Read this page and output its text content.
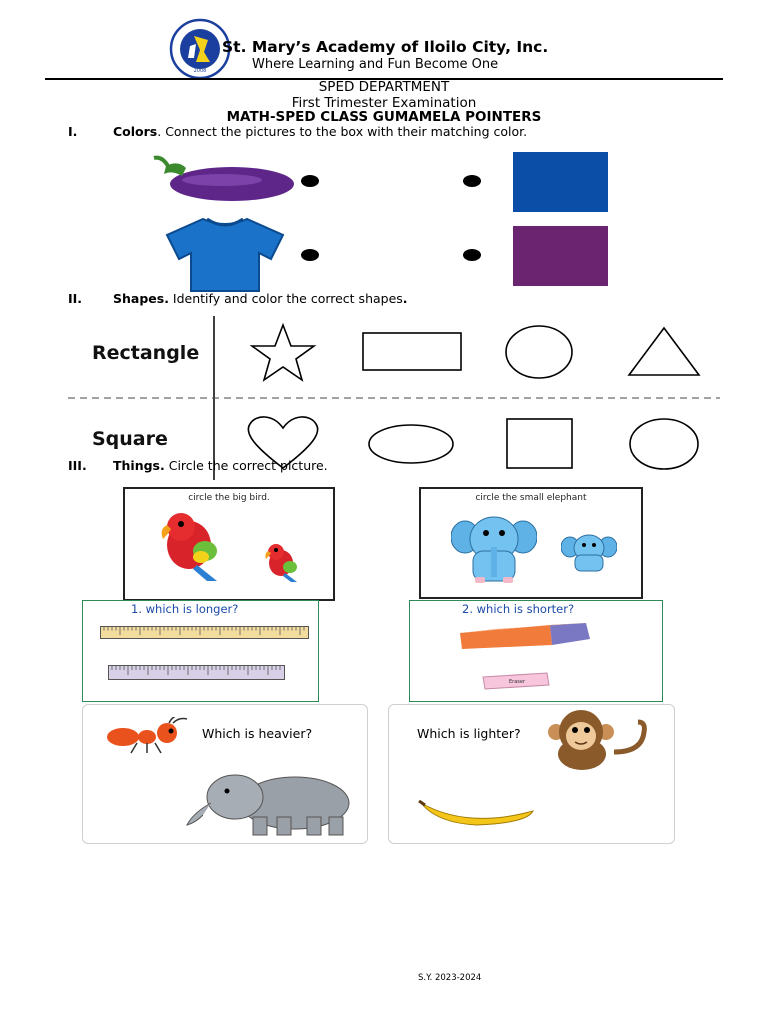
2008
St. Mary’s Academy of Iloilo City, Inc.
Where Learning and Fun Become One
SPED DEPARTMENT
First Trimester Examination
MATH-SPED CLASS GUMAMELA POINTERS
I.	Colors. Connect the pictures to the box with their matching color.
II. Shapes. Identify and color the correct shapes.
Rectangle
Square
III. Things. Circle the correct picture.
circle the big bird.	circle the small elephant
1. which is longer?	2. which is shorter?
Eraser
Which is heavier?	Which is lighter?
S.Y. 2023-2024
